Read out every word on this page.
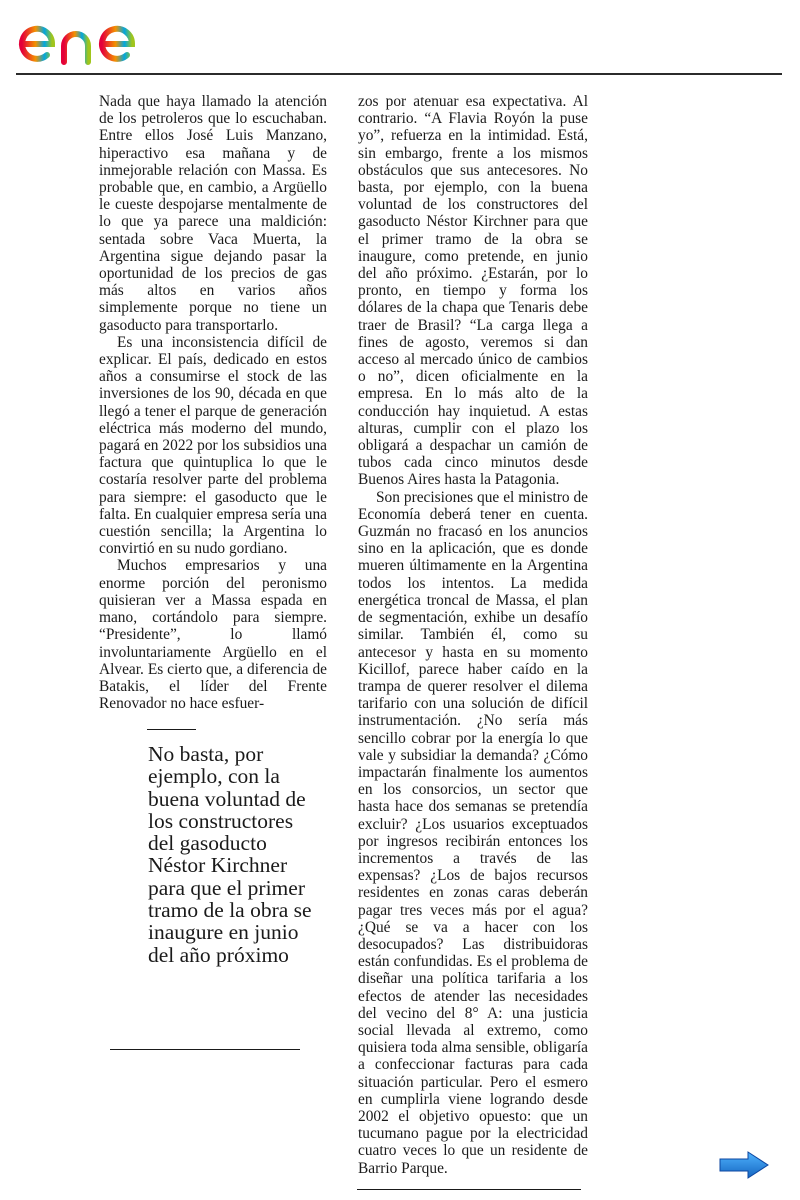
Nada que haya llamado la atención de los petroleros que lo escuchaban. Entre ellos José Luis Manzano, hiperactivo esa mañana y de inmejorable relación con Massa. Es probable que, en cambio, a Argüello le cueste despojarse mentalmente de lo que ya parece una maldición: sentada sobre Vaca Muerta, la Argentina sigue dejando pasar la oportunidad de los precios de gas más altos en varios años simplemente porque no tiene un gasoducto para transportarlo.

Es una inconsistencia difícil de explicar. El país, dedicado en estos años a consumirse el stock de las inversiones de los 90, década en que llegó a tener el parque de generación eléctrica más moderno del mundo, pagará en 2022 por los subsidios una factura que quintuplica lo que le costaría resolver parte del problema para siempre: el gasoducto que le falta. En cualquier empresa sería una cuestión sencilla; la Argentina lo convirtió en su nudo gordiano.

Muchos empresarios y una enorme porción del peronismo quisieran ver a Massa espada en mano, cortándolo para siempre. “Presidente”, lo llamó involuntariamente Argüello en el Alvear. Es cierto que, a diferencia de Batakis, el líder del Frente Renovador no hace esfuer-

No basta, por ejemplo, con la buena voluntad de los constructores del gasoducto Néstor Kirchner para que el primer tramo de la obra se inaugure en junio del año próximo

zos por atenuar esa expectativa. Al contrario. “A Flavia Royón la puse yo”, refuerza en la intimidad. Está, sin embargo, frente a los mismos obstáculos que sus antecesores. No basta, por ejemplo, con la buena voluntad de los constructores del gasoducto Néstor Kirchner para que el primer tramo de la obra se inaugure, como pretende, en junio del año próximo. ¿Estarán, por lo pronto, en tiempo y forma los dólares de la chapa que Tenaris debe traer de Brasil? “La carga llega a fines de agosto, veremos si dan acceso al mercado único de cambios o no”, dicen oficialmente en la empresa. En lo más alto de la conducción hay inquietud. A estas alturas, cumplir con el plazo los obligará a despachar un camión de tubos cada cinco minutos desde Buenos Aires hasta la Patagonia.

Son precisiones que el ministro de Economía deberá tener en cuenta. Guzmán no fracasó en los anuncios sino en la aplicación, que es donde mueren últimamente en la Argentina todos los intentos. La medida energética troncal de Massa, el plan de segmentación, exhibe un desafío similar. También él, como su antecesor y hasta en su momento Kicillof, parece haber caído en la trampa de querer resolver el dilema tarifario con una solución de difícil instrumentación. ¿No sería más sencillo cobrar por la energía lo que vale y subsidiar la demanda? ¿Cómo impactarán finalmente los aumentos en los consorcios, un sector que hasta hace dos semanas se pretendía excluir? ¿Los usuarios exceptuados por ingresos recibirán entonces los incrementos a través de las expensas? ¿Los de bajos recursos residentes en zonas caras deberán pagar tres veces más por el agua? ¿Qué se va a hacer con los desocupados? Las distribuidoras están confundidas. Es el problema de diseñar una política tarifaria a los efectos de atender las necesidades del vecino del 8° A: una justicia social llevada al extremo, como quisiera toda alma sensible, obligaría a confeccionar facturas para cada situación particular. Pero el esmero en cumplirla viene logrando desde 2002 el objetivo opuesto: que un tucumano pague por la electricidad cuatro veces lo que un residente de Barrio Parque.
